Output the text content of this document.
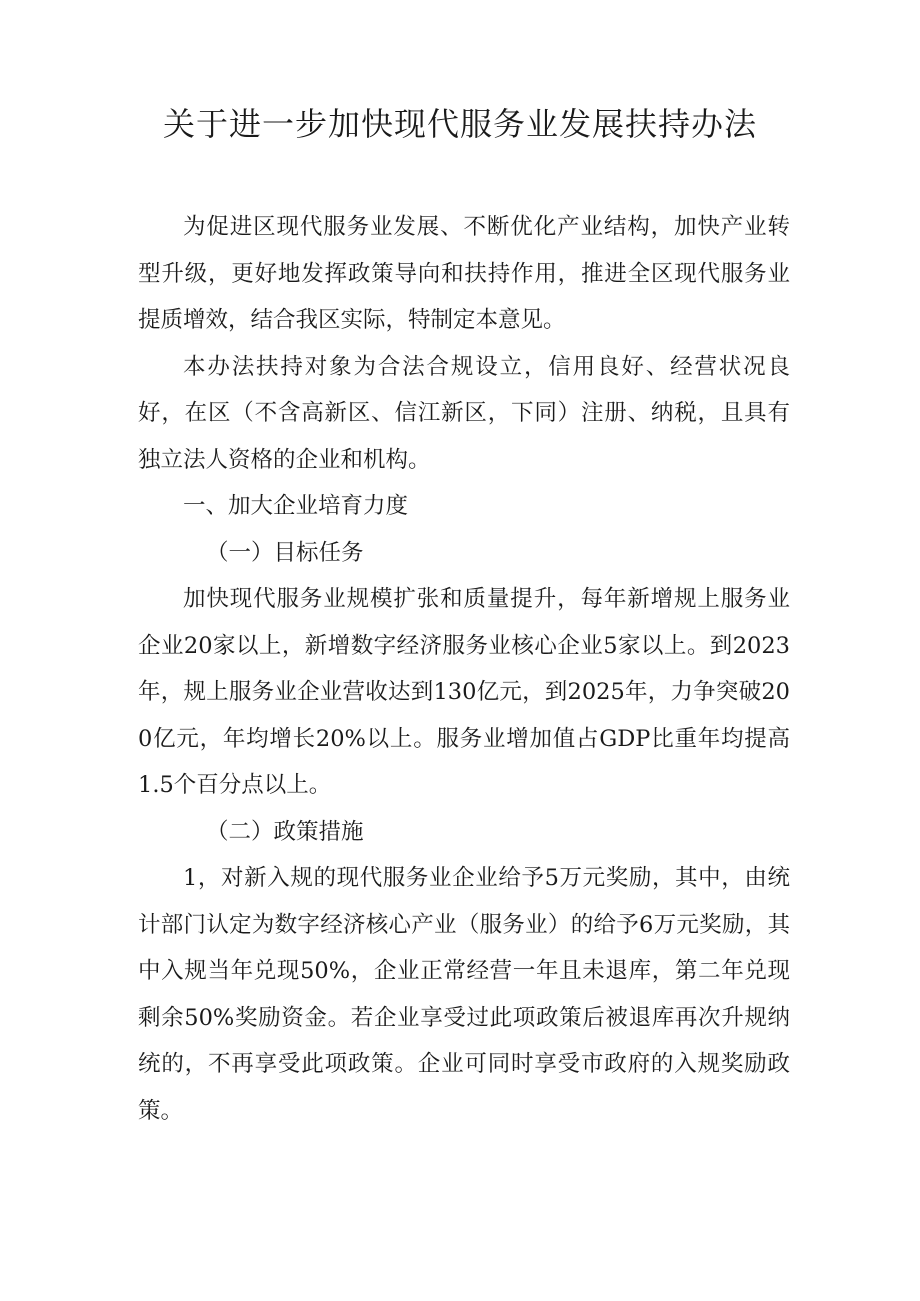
关于进一步加快现代服务业发展扶持办法

为促进区现代服务业发展、不断优化产业结构，加快产业转型升级，更好地发挥政策导向和扶持作用，推进全区现代服务业提质增效，结合我区实际，特制定本意见。

本办法扶持对象为合法合规设立，信用良好、经营状况良好，在区（不含高新区、信江新区，下同）注册、纳税，且具有独立法人资格的企业和机构。

一、加大企业培育力度

（一）目标任务

加快现代服务业规模扩张和质量提升，每年新增规上服务业企业20家以上，新增数字经济服务业核心企业5家以上。到2023年，规上服务业企业营收达到130亿元，到2025年，力争突破200亿元，年均增长20%以上。服务业增加值占GDP比重年均提高1.5个百分点以上。

（二）政策措施

1，对新入规的现代服务业企业给予5万元奖励，其中，由统计部门认定为数字经济核心产业（服务业）的给予6万元奖励，其中入规当年兑现50%，企业正常经营一年且未退库，第二年兑现剩余50%奖励资金。若企业享受过此项政策后被退库再次升规纳统的，不再享受此项政策。企业可同时享受市政府的入规奖励政策。
